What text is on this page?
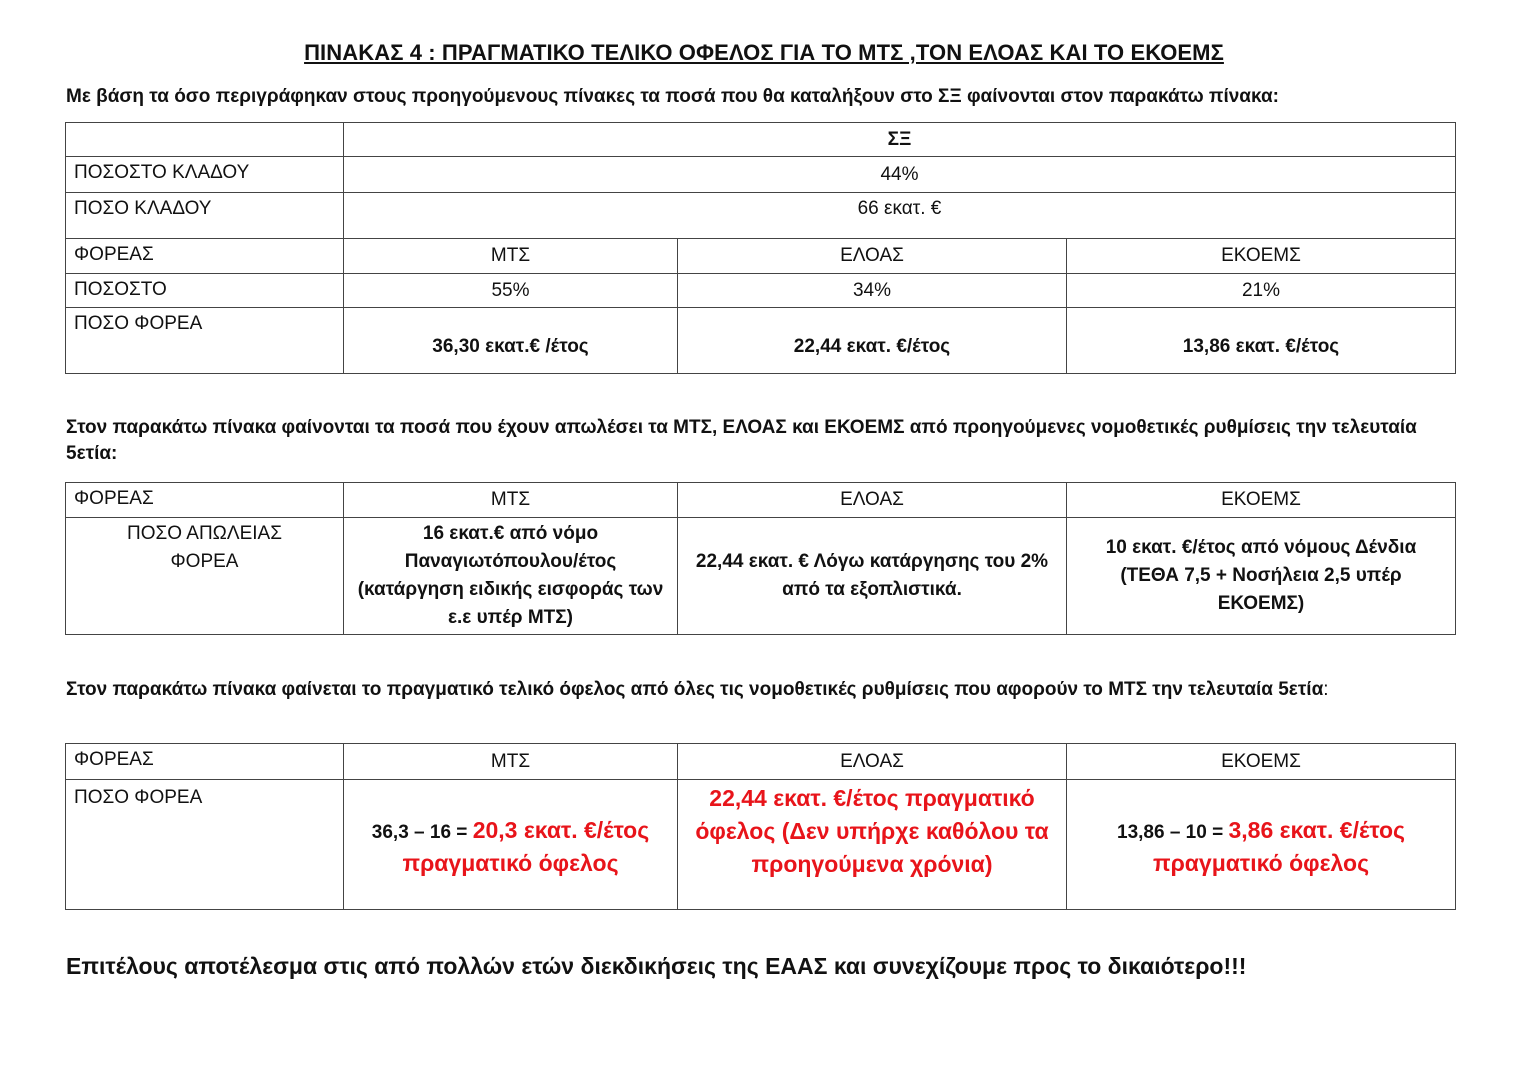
ΠΙΝΑΚΑΣ 4 : ΠΡΑΓΜΑΤΙΚΟ ΤΕΛΙΚΟ ΟΦΕΛΟΣ ΓΙΑ ΤΟ ΜΤΣ ,ΤΟΝ ΕΛΟΑΣ ΚΑΙ ΤΟ ΕΚΟΕΜΣ
Με βάση τα όσο περιγράφηκαν στους προηγούμενους πίνακες τα ποσά που θα καταλήξουν στο ΣΞ φαίνονται στον παρακάτω πίνακα:
	ΣΞ		
ΠΟΣΟΣΤΟ ΚΛΑΔΟΥ	44%		
ΠΟΣΟ ΚΛΑΔΟΥ	66 εκατ. €		
ΦΟΡΕΑΣ	ΜΤΣ	ΕΛΟΑΣ	ΕΚΟΕΜΣ
ΠΟΣΟΣΤΟ	55%	34%	21%
ΠΟΣΟ ΦΟΡΕΑ	36,30 εκατ.€ /έτος	22,44 εκατ. €/έτος	13,86 εκατ. €/έτος
Στον παρακάτω πίνακα φαίνονται τα ποσά που έχουν απωλέσει τα ΜΤΣ, ΕΛΟΑΣ και ΕΚΟΕΜΣ από προηγούμενες νομοθετικές ρυθμίσεις την τελευταία 5ετία:
ΦΟΡΕΑΣ	ΜΤΣ	ΕΛΟΑΣ	ΕΚΟΕΜΣ
ΠΟΣΟ ΑΠΩΛΕΙΑΣ ΦΟΡΕΑ	16 εκατ.€ από νόμο Παναγιωτόπουλου/έτος (κατάργηση ειδικής εισφοράς των ε.ε υπέρ ΜΤΣ)	22,44 εκατ. € Λόγω κατάργησης του 2% από τα εξοπλιστικά.	10 εκατ. €/έτος από νόμους Δένδια (ΤΕΘΑ 7,5 + Νοσήλεια 2,5 υπέρ ΕΚΟΕΜΣ)
Στον παρακάτω πίνακα φαίνεται το πραγματικό τελικό όφελος από όλες τις νομοθετικές ρυθμίσεις που αφορούν το ΜΤΣ την τελευταία 5ετία:
ΦΟΡΕΑΣ	ΜΤΣ	ΕΛΟΑΣ	ΕΚΟΕΜΣ
ΠΟΣΟ ΦΟΡΕΑ	36,3 – 16 = 20,3 εκατ. €/έτος πραγματικό όφελος	22,44 εκατ. €/έτος πραγματικό όφελος (Δεν υπήρχε καθόλου τα προηγούμενα χρόνια)	13,86 – 10 = 3,86 εκατ. €/έτος πραγματικό όφελος
Επιτέλους αποτέλεσμα στις από πολλών ετών διεκδικήσεις της ΕΑΑΣ και συνεχίζουμε προς το δικαιότερο!!!
